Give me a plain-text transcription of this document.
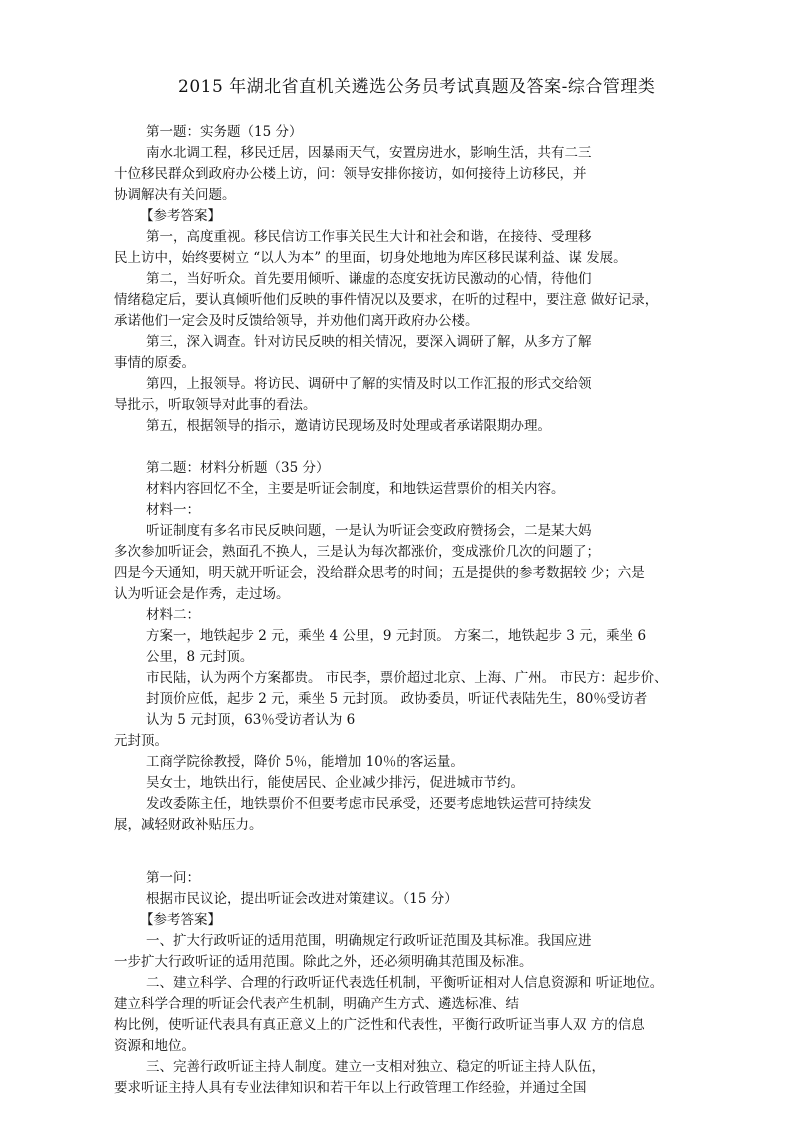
2015 年湖北省直机关遴选公务员考试真题及答案-综合管理类
第一题：实务题（15 分）
南水北调工程，移民迁居，因暴雨天气，安置房进水，影响生活，共有二三
十位移民群众到政府办公楼上访，问：领导安排你接访，如何接待上访移民，并
协调解决有关问题。
【参考答案】
第一，高度重视。移民信访工作事关民生大计和社会和谐，在接待、受理移
民上访中，始终要树立 “以人为本” 的里面，切身处地地为库区移民谋利益、谋 发展。
第二，当好听众。首先要用倾听、谦虚的态度安抚访民激动的心情，待他们
情绪稳定后，要认真倾听他们反映的事件情况以及要求，在听的过程中，要注意 做好记录，
承诺他们一定会及时反馈给领导，并劝他们离开政府办公楼。
第三，深入调查。针对访民反映的相关情况，要深入调研了解，从多方了解
事情的原委。
第四，上报领导。将访民、调研中了解的实情及时以工作汇报的形式交给领
导批示，听取领导对此事的看法。
第五，根据领导的指示，邀请访民现场及时处理或者承诺限期办理。
第二题：材料分析题（35 分）
材料内容回忆不全，主要是听证会制度，和地铁运营票价的相关内容。
材料一：
听证制度有多名市民反映问题，一是认为听证会变政府赞扬会，二是某大妈
多次参加听证会，熟面孔不换人，三是认为每次都涨价，变成涨价几次的问题了；
四是今天通知，明天就开听证会，没给群众思考的时间；五是提供的参考数据较 少；六是
认为听证会是作秀，走过场。
材料二：
方案一，地铁起步 2 元，乘坐 4 公里，9 元封顶。 方案二，地铁起步 3 元，乘坐 6
公里，8 元封顶。
市民陆，认为两个方案都贵。 市民李，票价超过北京、上海、广州。 市民方：起步价、
封顶价应低，起步 2 元，乘坐 5 元封顶。 政协委员，听证代表陆先生，80％受访者
认为 5 元封顶，63％受访者认为 6
元封顶。
工商学院徐教授，降价 5％，能增加 10％的客运量。
吴女士，地铁出行，能使居民、企业减少排污，促进城市节约。
发改委陈主任，地铁票价不但要考虑市民承受，还要考虑地铁运营可持续发
展，减轻财政补贴压力。
第一问：
根据市民议论，提出听证会改进对策建议。（15 分）
【参考答案】
一、扩大行政听证的适用范围，明确规定行政听证范围及其标准。我国应进
一步扩大行政听证的适用范围。除此之外，还必须明确其范围及标准。
二、建立科学、合理的行政听证代表选任机制，平衡听证相对人信息资源和 听证地位。
建立科学合理的听证会代表产生机制，明确产生方式、遴选标准、结
构比例，使听证代表具有真正意义上的广泛性和代表性，平衡行政听证当事人双 方的信息
资源和地位。
三、完善行政听证主持人制度。建立一支相对独立、稳定的听证主持人队伍，
要求听证主持人具有专业法律知识和若干年以上行政管理工作经验，并通过全国
